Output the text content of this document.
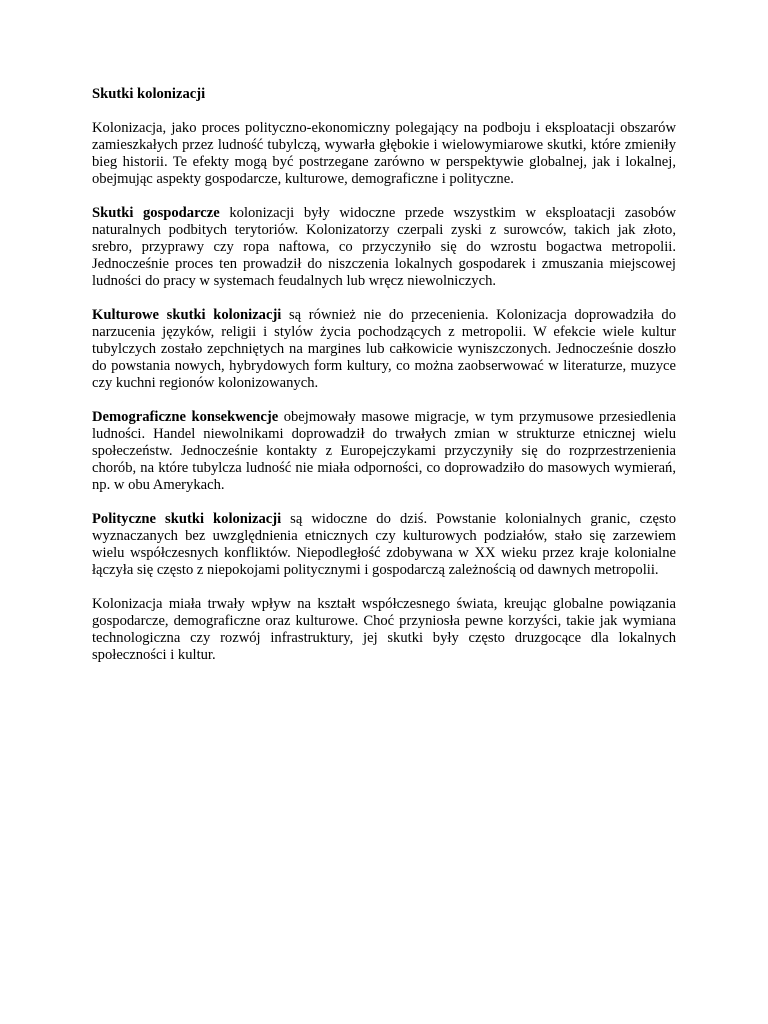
Skutki kolonizacji

Kolonizacja, jako proces polityczno-ekonomiczny polegający na podboju i eksploatacji obszarów zamieszkałych przez ludność tubylczą, wywarła głębokie i wielowymiarowe skutki, które zmieniły bieg historii. Te efekty mogą być postrzegane zarówno w perspektywie globalnej, jak i lokalnej, obejmując aspekty gospodarcze, kulturowe, demograficzne i polityczne.

Skutki gospodarcze kolonizacji były widoczne przede wszystkim w eksploatacji zasobów naturalnych podbitych terytoriów. Kolonizatorzy czerpali zyski z surowców, takich jak złoto, srebro, przyprawy czy ropa naftowa, co przyczyniło się do wzrostu bogactwa metropolii. Jednocześnie proces ten prowadził do niszczenia lokalnych gospodarek i zmuszania miejscowej ludności do pracy w systemach feudalnych lub wręcz niewolniczych.

Kulturowe skutki kolonizacji są również nie do przecenienia. Kolonizacja doprowadziła do narzucenia języków, religii i stylów życia pochodzących z metropolii. W efekcie wiele kultur tubylczych zostało zepchniętych na margines lub całkowicie wyniszczonych. Jednocześnie doszło do powstania nowych, hybrydowych form kultury, co można zaobserwować w literaturze, muzyce czy kuchni regionów kolonizowanych.

Demograficzne konsekwencje obejmowały masowe migracje, w tym przymusowe przesiedlenia ludności. Handel niewolnikami doprowadził do trwałych zmian w strukturze etnicznej wielu społeczeństw. Jednocześnie kontakty z Europejczykami przyczyniły się do rozprzestrzenienia chorób, na które tubylcza ludność nie miała odporności, co doprowadziło do masowych wymierań, np. w obu Amerykach.

Polityczne skutki kolonizacji są widoczne do dziś. Powstanie kolonialnych granic, często wyznaczanych bez uwzględnienia etnicznych czy kulturowych podziałów, stało się zarzewiem wielu współczesnych konfliktów. Niepodległość zdobywana w XX wieku przez kraje kolonialne łączyła się często z niepokojami politycznymi i gospodarczą zależnością od dawnych metropolii.

Kolonizacja miała trwały wpływ na kształt współczesnego świata, kreując globalne powiązania gospodarcze, demograficzne oraz kulturowe. Choć przyniosła pewne korzyści, takie jak wymiana technologiczna czy rozwój infrastruktury, jej skutki były często druzgocące dla lokalnych społeczności i kultur.
